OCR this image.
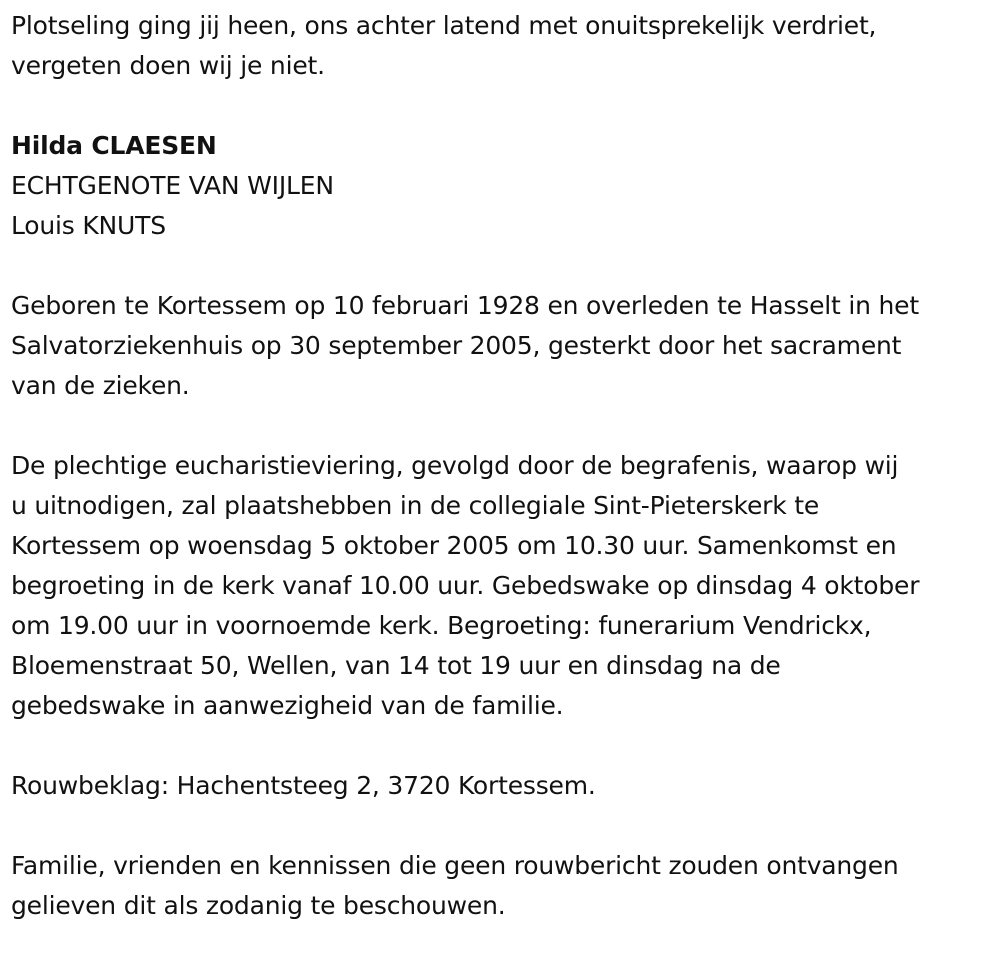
Plotseling ging jij heen, ons achter latend met onuitsprekelijk verdriet,
vergeten doen wij je niet.

Hilda CLAESEN
ECHTGENOTE VAN WIJLEN
Louis KNUTS

Geboren te Kortessem op 10 februari 1928 en overleden te Hasselt in het
Salvatorziekenhuis op 30 september 2005, gesterkt door het sacrament
van de zieken.

De plechtige eucharistieviering, gevolgd door de begrafenis, waarop wij
u uitnodigen, zal plaatshebben in de collegiale Sint-Pieterskerk te
Kortessem op woensdag 5 oktober 2005 om 10.30 uur. Samenkomst en
begroeting in de kerk vanaf 10.00 uur. Gebedswake op dinsdag 4 oktober
om 19.00 uur in voornoemde kerk. Begroeting: funerarium Vendrickx,
Bloemenstraat 50, Wellen, van 14 tot 19 uur en dinsdag na de
gebedswake in aanwezigheid van de familie.

Rouwbeklag: Hachentsteeg 2, 3720 Kortessem.

Familie, vrienden en kennissen die geen rouwbericht zouden ontvangen
gelieven dit als zodanig te beschouwen.
